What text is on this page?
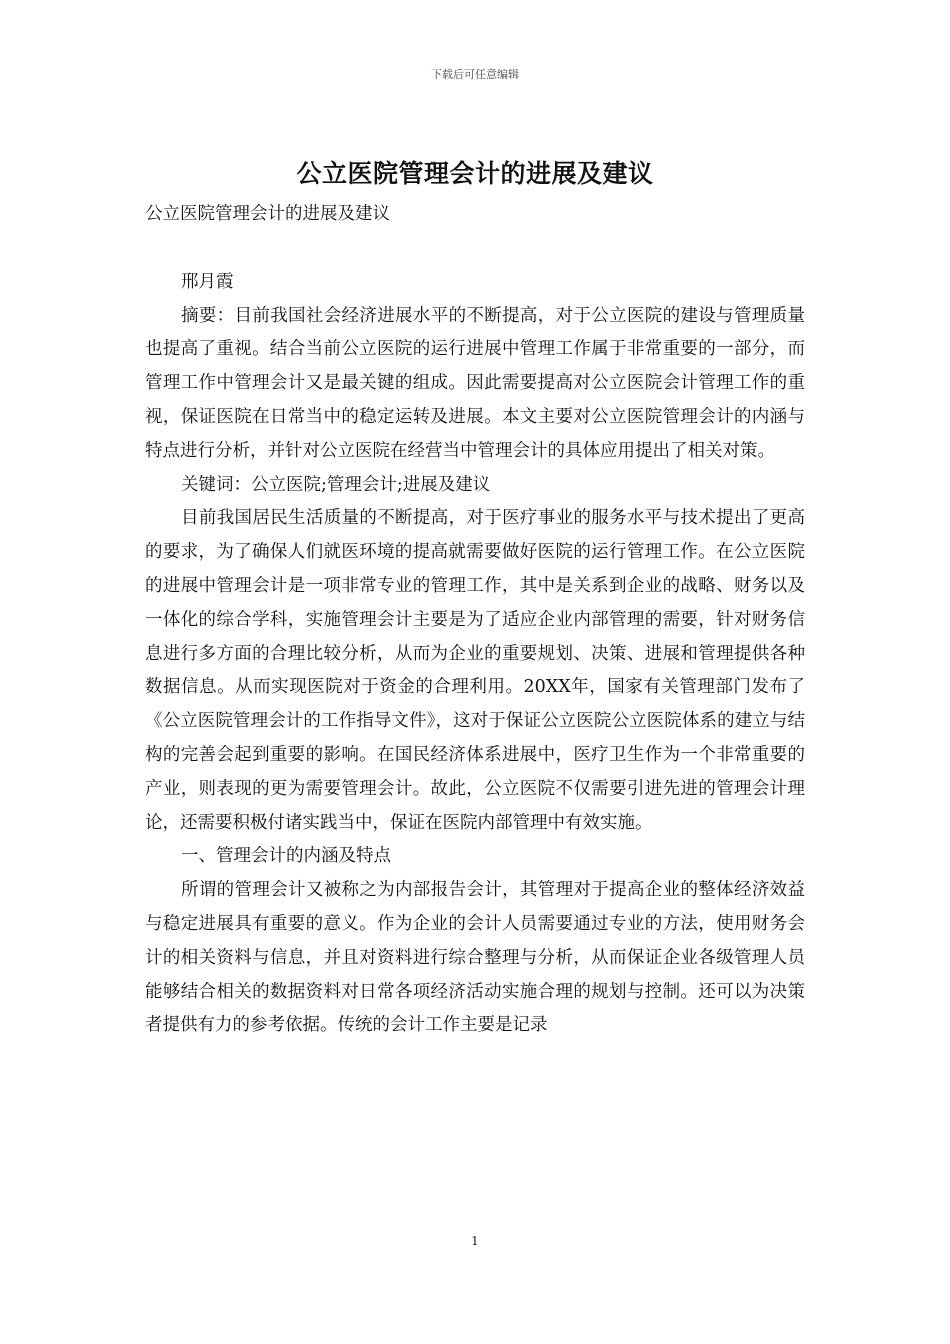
下载后可任意编辑
公立医院管理会计的进展及建议

公立医院管理会计的进展及建议

邢月霞

摘要：目前我国社会经济进展水平的不断提高，对于公立医院的建设与管理质量也提高了重视。结合当前公立医院的运行进展中管理工作属于非常重要的一部分，而管理工作中管理会计又是最关键的组成。因此需要提高对公立医院会计管理工作的重视，保证医院在日常当中的稳定运转及进展。本文主要对公立医院管理会计的内涵与特点进行分析，并针对公立医院在经营当中管理会计的具体应用提出了相关对策。

关键词：公立医院;管理会计;进展及建议

目前我国居民生活质量的不断提高，对于医疗事业的服务水平与技术提出了更高的要求，为了确保人们就医环境的提高就需要做好医院的运行管理工作。在公立医院的进展中管理会计是一项非常专业的管理工作，其中是关系到企业的战略、财务以及一体化的综合学科，实施管理会计主要是为了适应企业内部管理的需要，针对财务信息进行多方面的合理比较分析，从而为企业的重要规划、决策、进展和管理提供各种数据信息。从而实现医院对于资金的合理利用。20XX年，国家有关管理部门发布了《公立医院管理会计的工作指导文件》，这对于保证公立医院公立医院体系的建立与结构的完善会起到重要的影响。在国民经济体系进展中，医疗卫生作为一个非常重要的产业，则表现的更为需要管理会计。故此，公立医院不仅需要引进先进的管理会计理论，还需要积极付诸实践当中，保证在医院内部管理中有效实施。

一、管理会计的内涵及特点

所谓的管理会计又被称之为内部报告会计，其管理对于提高企业的整体经济效益与稳定进展具有重要的意义。作为企业的会计人员需要通过专业的方法，使用财务会计的相关资料与信息，并且对资料进行综合整理与分析，从而保证企业各级管理人员能够结合相关的数据资料对日常各项经济活动实施合理的规划与控制。还可以为决策者提供有力的参考依据。传统的会计工作主要是记录

1
